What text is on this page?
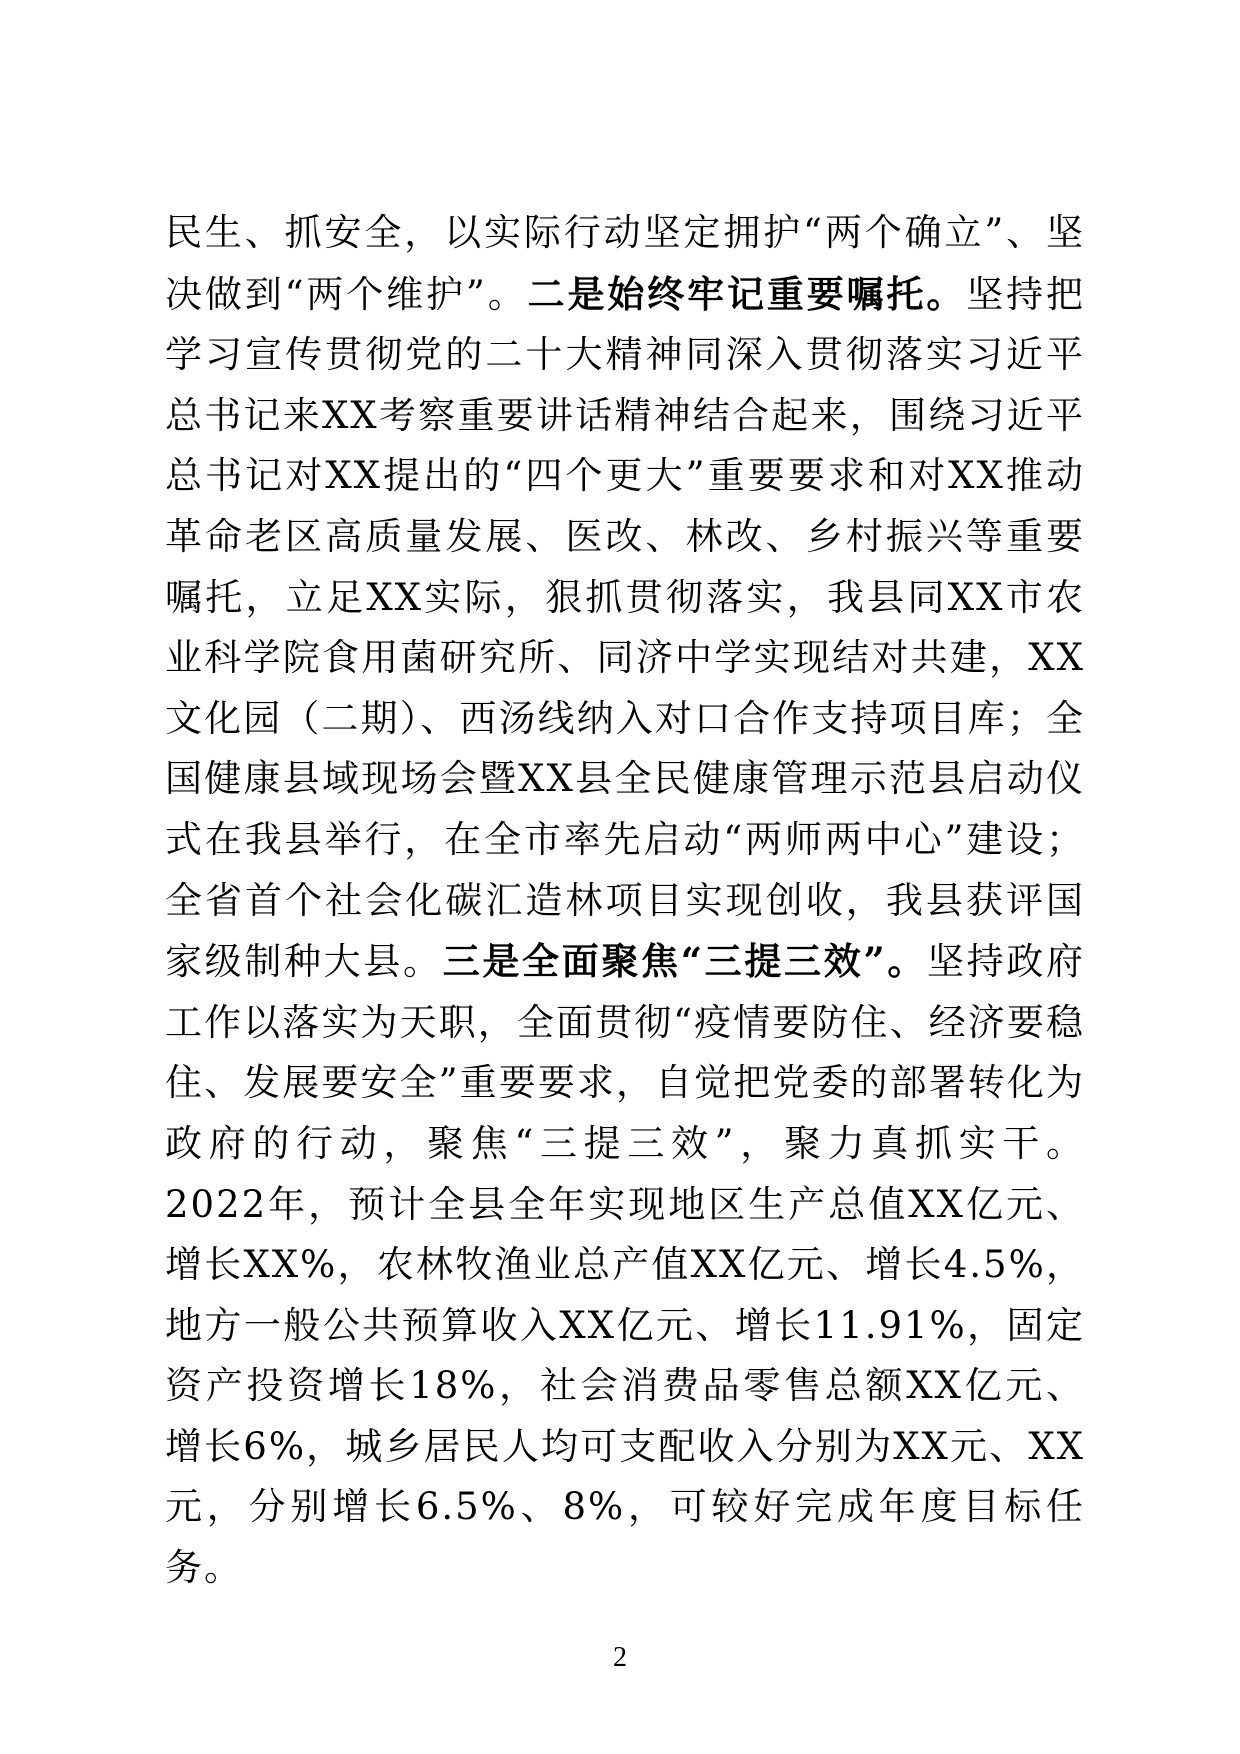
民生、抓安全，以实际行动坚定拥护“两个确立”、坚决做到“两个维护”。二是始终牢记重要嘱托。坚持把学习宣传贯彻党的二十大精神同深入贯彻落实习近平总书记来XX考察重要讲话精神结合起来，围绕习近平总书记对XX提出的“四个更大”重要要求和对XX推动革命老区高质量发展、医改、林改、乡村振兴等重要嘱托，立足XX实际，狠抓贯彻落实，我县同XX市农业科学院食用菌研究所、同济中学实现结对共建，XX文化园（二期）、西汤线纳入对口合作支持项目库；全国健康县域现场会暨XX县全民健康管理示范县启动仪式在我县举行，在全市率先启动“两师两中心”建设；全省首个社会化碳汇造林项目实现创收，我县获评国家级制种大县。三是全面聚焦“三提三效”。坚持政府工作以落实为天职，全面贯彻“疫情要防住、经济要稳住、发展要安全”重要要求，自觉把党委的部署转化为政府的行动，聚焦“三提三效”，聚力真抓实干。2022年，预计全县全年实现地区生产总值XX亿元、增长XX%，农林牧渔业总产值XX亿元、增长4.5%，地方一般公共预算收入XX亿元、增长11.91%，固定资产投资增长18%，社会消费品零售总额XX亿元、增长6%，城乡居民人均可支配收入分别为XX元、XX元，分别增长6.5%、8%，可较好完成年度目标任务。

2
